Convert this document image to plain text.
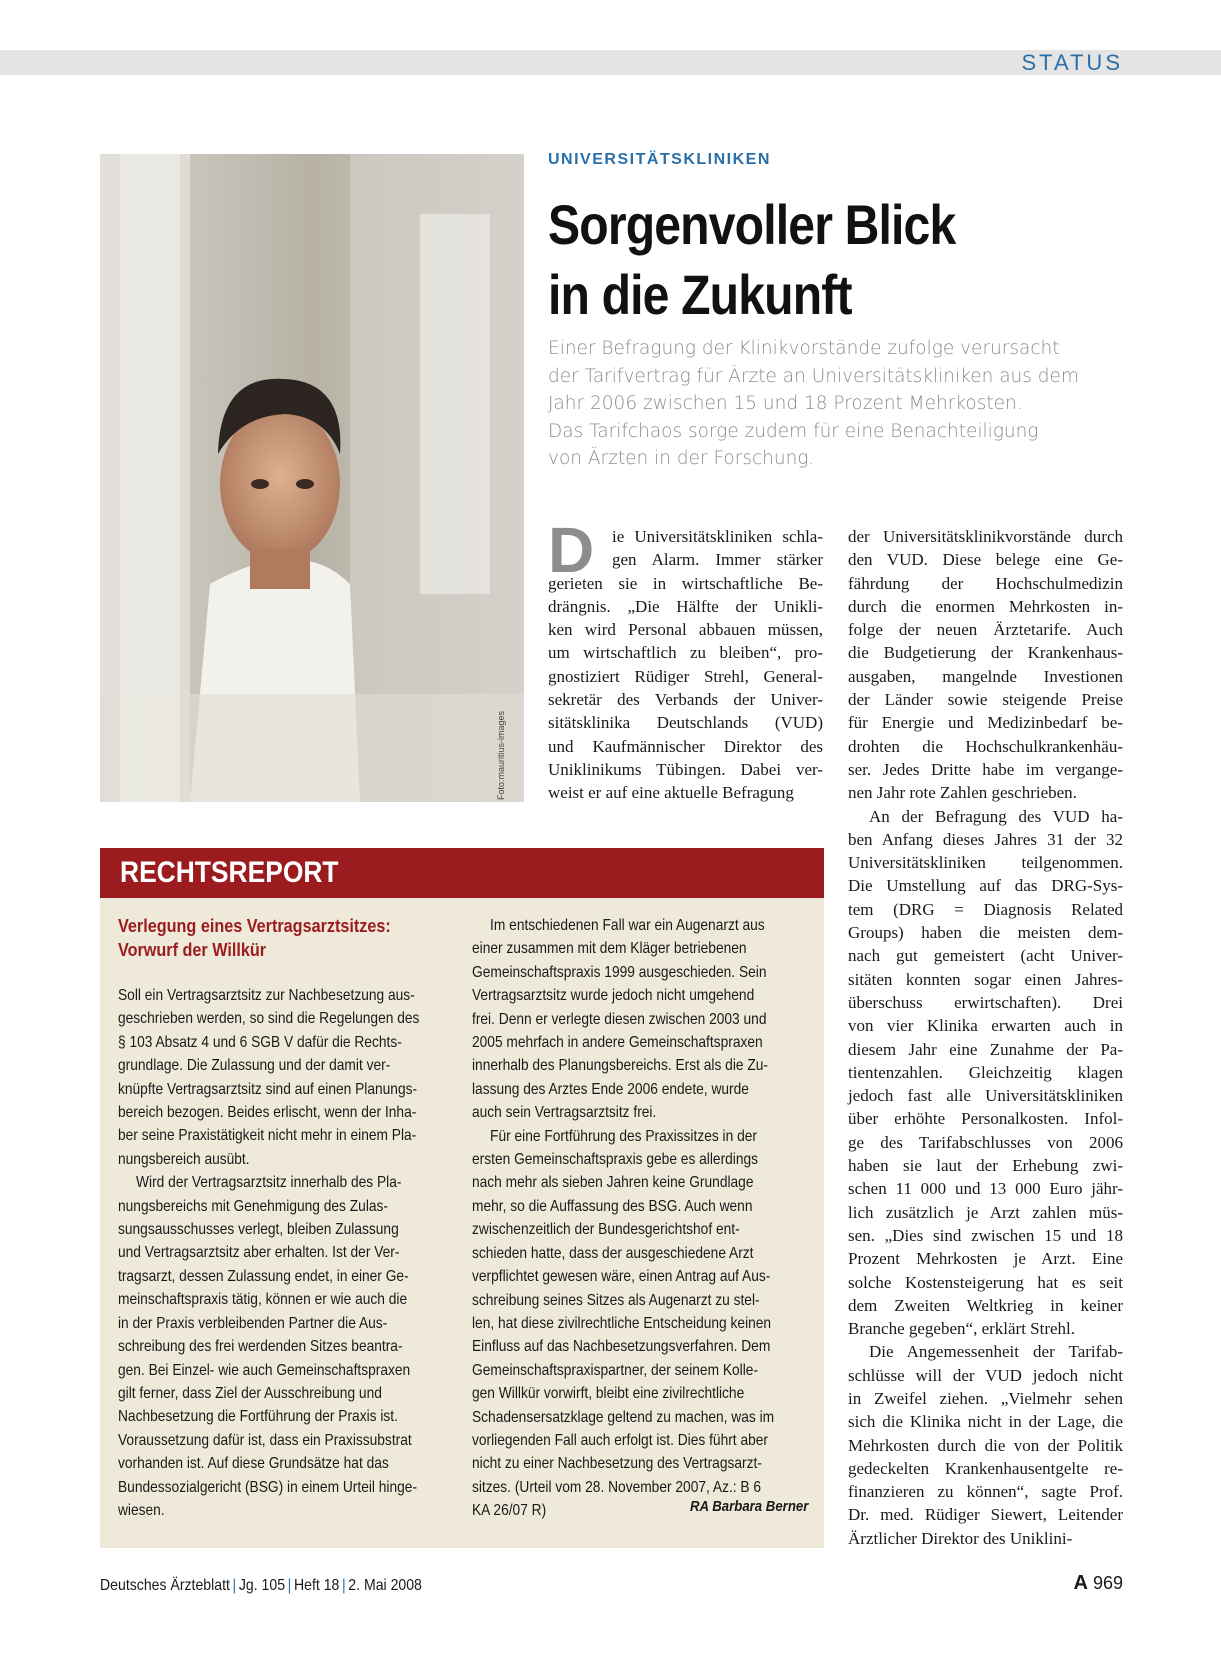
STATUS
Foto:mauritius-images
UNIVERSITÄTSKLINIKEN
Sorgenvoller Blick
in die Zukunft
Einer Befragung der Klinikvorstände zufolge verursacht
der Tarifvertrag für Ärzte an Universitätskliniken aus dem
Jahr 2006 zwischen 15 und 18 Prozent Mehrkosten.
Das Tarifchaos sorge zudem für eine Benachteiligung
von Ärzten in der Forschung.
D	ie Universitätskliniken schla-
gen Alarm. Immer stärker
gerieten sie in wirtschaftliche Be-
drängnis. „Die Hälfte der Unikli-
ken wird Personal abbauen müssen,
um wirtschaftlich zu bleiben“, pro-
gnostiziert Rüdiger Strehl, General-
sekretär des Verbands der Univer-
sitätsklinika Deutschlands (VUD)
und Kaufmännischer Direktor des
Uniklinikums Tübingen. Dabei ver-
weist er auf eine aktuelle Befragung
der Universitätsklinikvorstände durch
den VUD. Diese belege eine Ge-
fährdung der Hochschulmedizin
durch die enormen Mehrkosten in-
folge der neuen Ärztetarife. Auch
die Budgetierung der Krankenhaus-
ausgaben, mangelnde Investionen
der Länder sowie steigende Preise
für Energie und Medizinbedarf be-
drohten die Hochschulkrankenhäu-
ser. Jedes Dritte habe im vergange-
nen Jahr rote Zahlen geschrieben.
An der Befragung des VUD ha-
ben Anfang dieses Jahres 31 der 32
Universitätskliniken teilgenommen.
Die Umstellung auf das DRG-Sys-
tem (DRG = Diagnosis Related
Groups) haben die meisten dem-
nach gut gemeistert (acht Univer-
sitäten konnten sogar einen Jahres-
überschuss erwirtschaften). Drei
von vier Klinika erwarten auch in
diesem Jahr eine Zunahme der Pa-
tientenzahlen. Gleichzeitig klagen
jedoch fast alle Universitätskliniken
über erhöhte Personalkosten. Infol-
ge des Tarifabschlusses von 2006
haben sie laut der Erhebung zwi-
schen 11 000 und 13 000 Euro jähr-
lich zusätzlich je Arzt zahlen müs-
sen. „Dies sind zwischen 15 und 18
Prozent Mehrkosten je Arzt. Eine
solche Kostensteigerung hat es seit
dem Zweiten Weltkrieg in keiner
Branche gegeben“, erklärt Strehl.
Die Angemessenheit der Tarifab-
schlüsse will der VUD jedoch nicht
in Zweifel ziehen. „Vielmehr sehen
sich die Klinika nicht in der Lage, die
Mehrkosten durch die von der Politik
gedeckelten Krankenhausentgelte re-
finanzieren zu können“, sagte Prof.
Dr. med. Rüdiger Siewert, Leitender
Ärztlicher Direktor des Uniklini-
RECHTSREPORT
Verlegung eines Vertragsarztsitzes:
Vorwurf der Willkür
Soll ein Vertragsarztsitz zur Nachbesetzung aus-
geschrieben werden, so sind die Regelungen des
§ 103 Absatz 4 und 6 SGB V dafür die Rechts-
grundlage. Die Zulassung und der damit ver-
knüpfte Vertragsarztsitz sind auf einen Planungs-
bereich bezogen. Beides erlischt, wenn der Inha-
ber seine Praxistätigkeit nicht mehr in einem Pla-
nungsbereich ausübt.
Wird der Vertragsarztsitz innerhalb des Pla-
nungsbereichs mit Genehmigung des Zulas-
sungsausschusses verlegt, bleiben Zulassung
und Vertragsarztsitz aber erhalten. Ist der Ver-
tragsarzt, dessen Zulassung endet, in einer Ge-
meinschaftspraxis tätig, können er wie auch die
in der Praxis verbleibenden Partner die Aus-
schreibung des frei werdenden Sitzes beantra-
gen. Bei Einzel- wie auch Gemeinschaftspraxen
gilt ferner, dass Ziel der Ausschreibung und
Nachbesetzung die Fortführung der Praxis ist.
Voraussetzung dafür ist, dass ein Praxissubstrat
vorhanden ist. Auf diese Grundsätze hat das
Bundessozialgericht (BSG) in einem Urteil hinge-
wiesen.
Im entschiedenen Fall war ein Augenarzt aus
einer zusammen mit dem Kläger betriebenen
Gemeinschaftspraxis 1999 ausgeschieden. Sein
Vertragsarztsitz wurde jedoch nicht umgehend
frei. Denn er verlegte diesen zwischen 2003 und
2005 mehrfach in andere Gemeinschaftspraxen
innerhalb des Planungsbereichs. Erst als die Zu-
lassung des Arztes Ende 2006 endete, wurde
auch sein Vertragsarztsitz frei.
Für eine Fortführung des Praxissitzes in der
ersten Gemeinschaftspraxis gebe es allerdings
nach mehr als sieben Jahren keine Grundlage
mehr, so die Auffassung des BSG. Auch wenn
zwischenzeitlich der Bundesgerichtshof ent-
schieden hatte, dass der ausgeschiedene Arzt
verpflichtet gewesen wäre, einen Antrag auf Aus-
schreibung seines Sitzes als Augenarzt zu stel-
len, hat diese zivilrechtliche Entscheidung keinen
Einfluss auf das Nachbesetzungsverfahren. Dem
Gemeinschaftspraxispartner, der seinem Kolle-
gen Willkür vorwirft, bleibt eine zivilrechtliche
Schadensersatzklage geltend zu machen, was im
vorliegenden Fall auch erfolgt ist. Dies führt aber
nicht zu einer Nachbesetzung des Vertragsarzt-
sitzes. (Urteil vom 28. November 2007, Az.: B 6
KA 26/07 R)	RA Barbara Berner
Deutsches Ärzteblatt | Jg. 105 | Heft 18 | 2. Mai 2008	A 969
